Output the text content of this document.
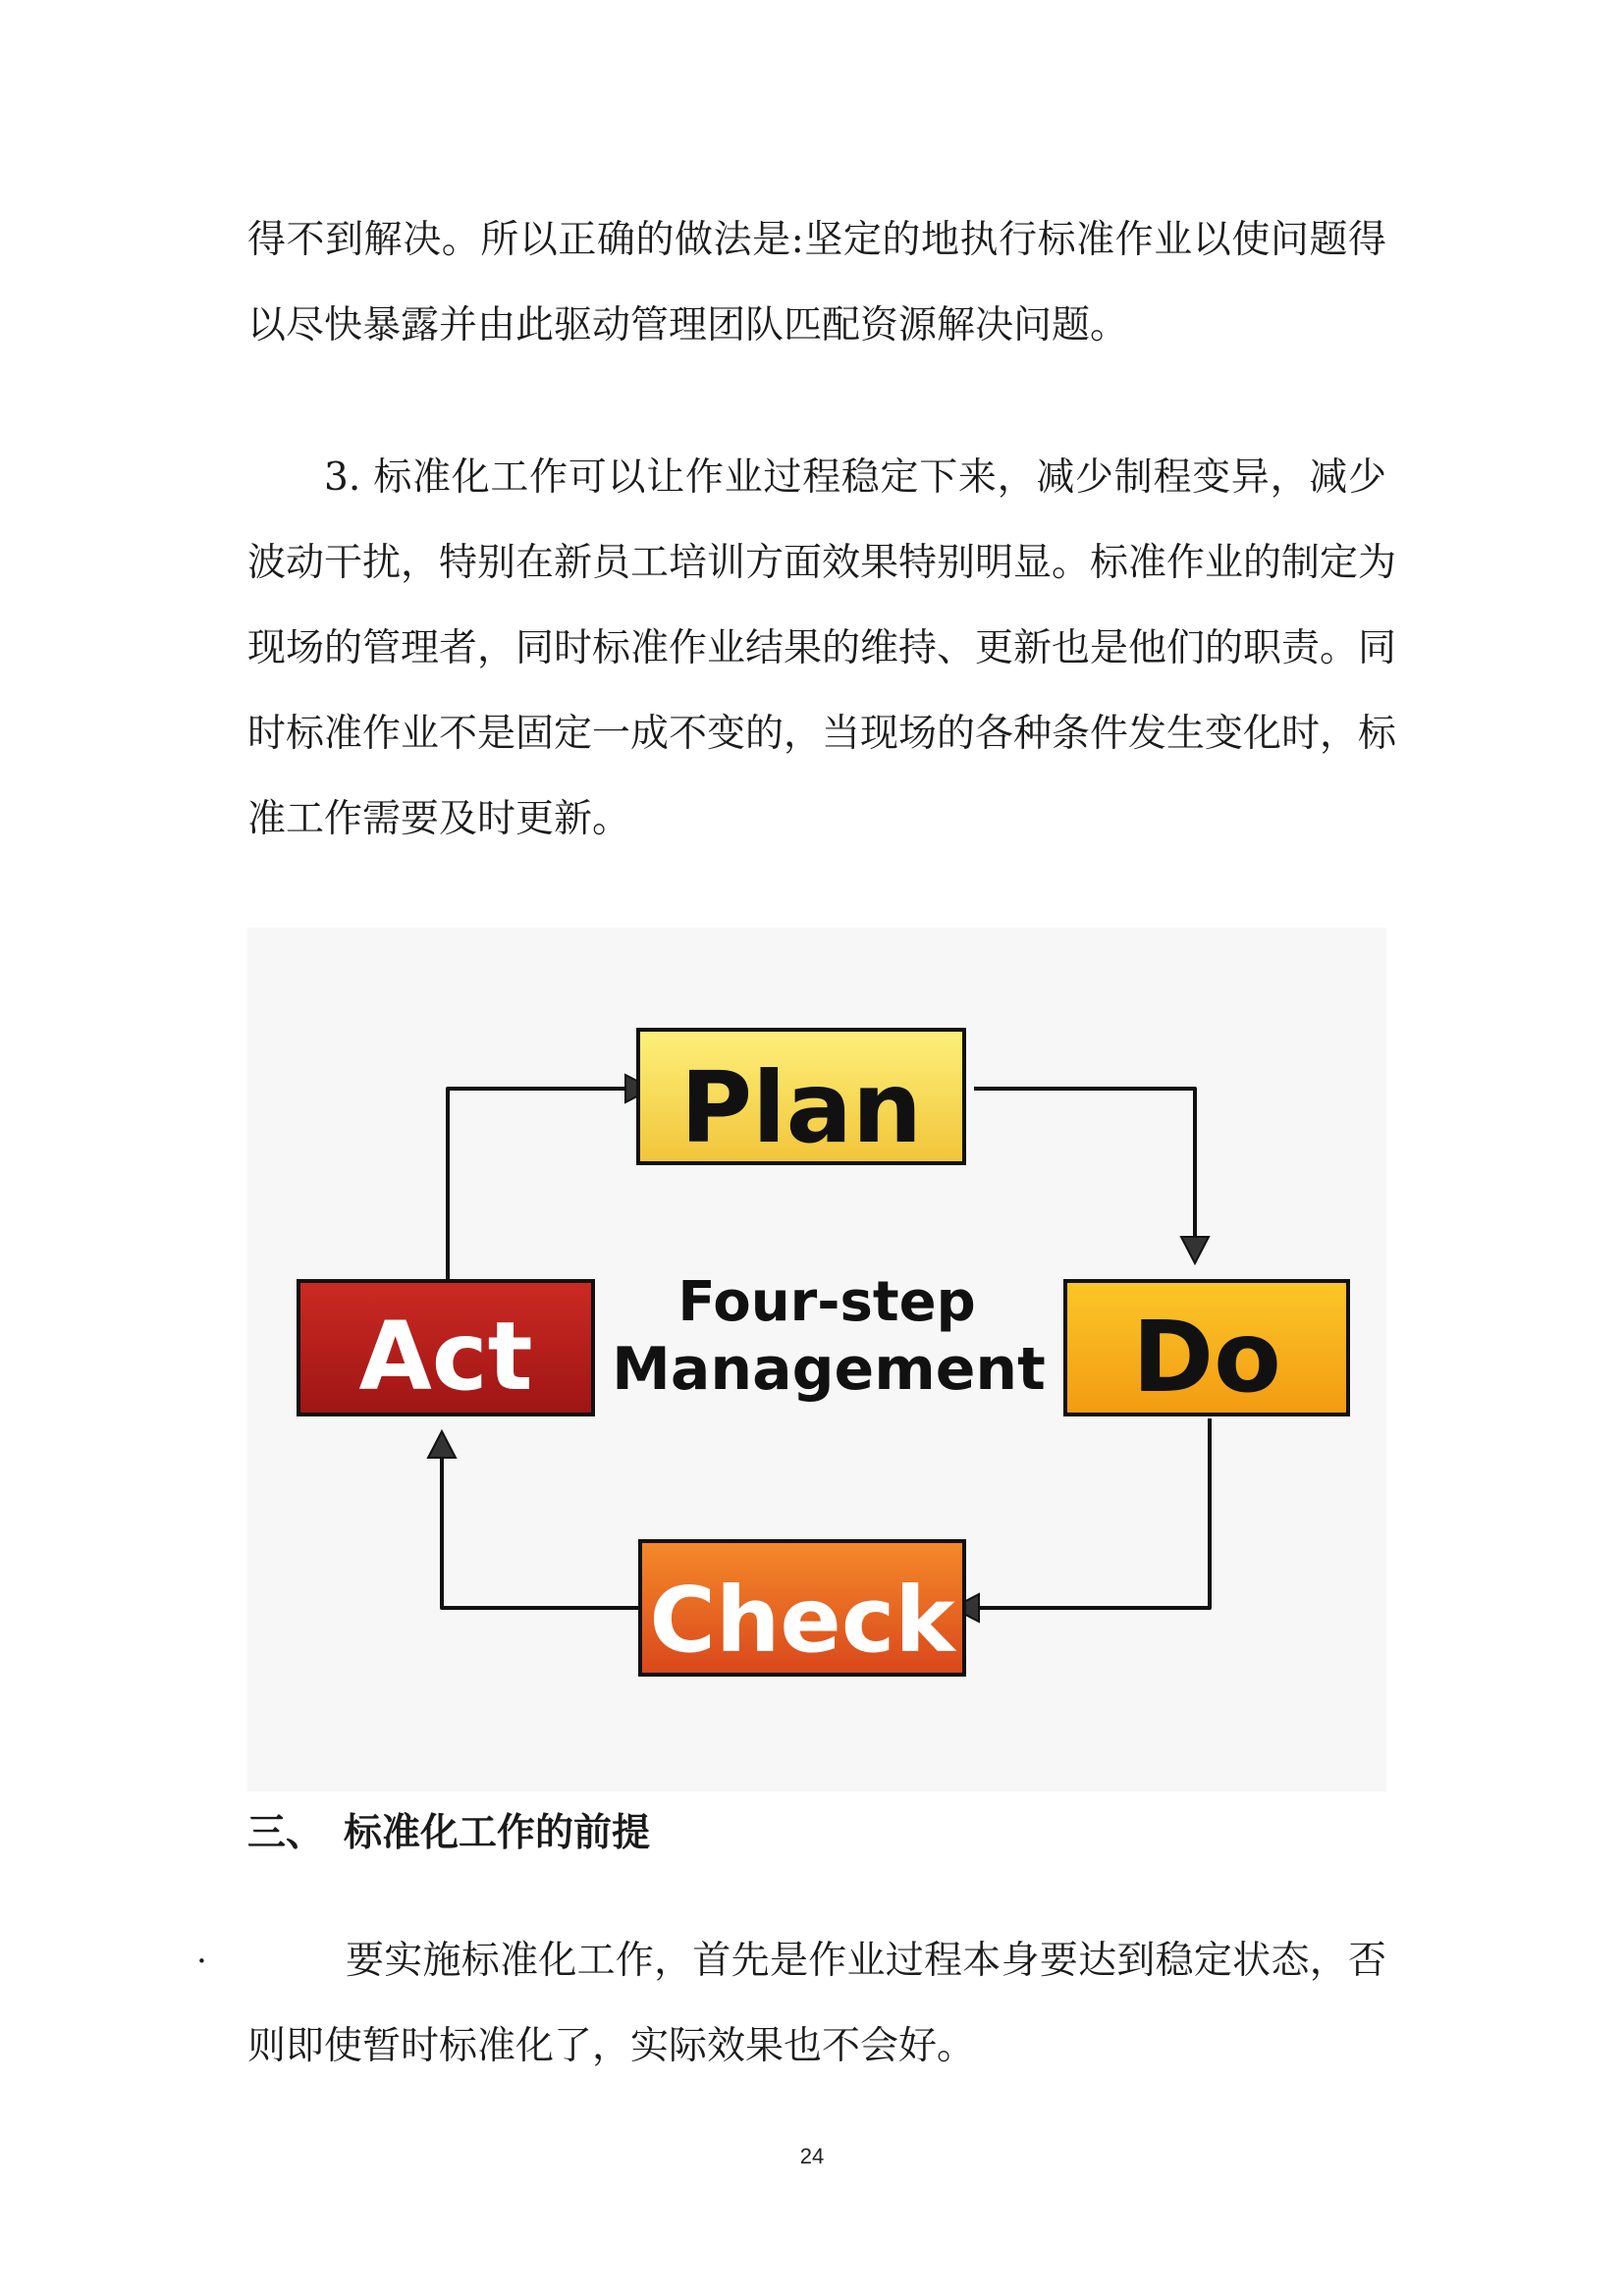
得不到解决。所以正确的做法是:坚定的地执行标准作业以使问题得
以尽快暴露并由此驱动管理团队匹配资源解决问题。
3. 标准化工作可以让作业过程稳定下来，减少制程变异，减少
波动干扰，特别在新员工培训方面效果特别明显。标准作业的制定为
现场的管理者，同时标准作业结果的维持、更新也是他们的职责。同
时标准作业不是固定一成不变的，当现场的各种条件发生变化时，标
准工作需要及时更新。
Plan
Do
Check
Act	Four-step
Management
三、 标准化工作的前提
.	要实施标准化工作，首先是作业过程本身要达到稳定状态，否
则即使暂时标准化了，实际效果也不会好。
24
